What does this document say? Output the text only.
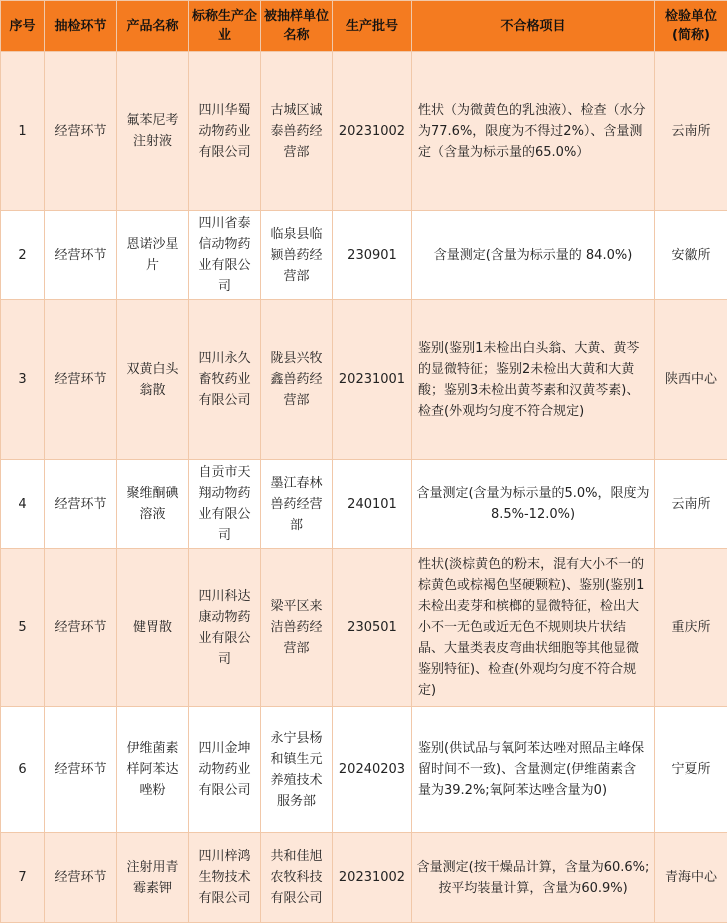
序号	抽检环节	产品名称	标称生产企业	被抽样单位名称	生产批号	不合格项目	检验单位(简称)
1	经营环节	氟苯尼考注射液	四川华蜀动物药业有限公司	古城区诚泰兽药经营部	20231002	性状（为微黄色的乳浊液）、检查（水分为77.6%，限度为不得过2%）、含量测定（含量为标示量的65.0%）	云南所
2	经营环节	恩诺沙星片	四川省泰信动物药业有限公司	临泉县临颍兽药经营部	230901	含量测定(含量为标示量的 84.0%)	安徽所
3	经营环节	双黄白头翁散	四川永久畜牧药业有限公司	陇县兴牧鑫兽药经营部	20231001	鉴别(鉴别1未检出白头翁、大黄、黄芩的显微特征；鉴别2未检出大黄和大黄酸；鉴别3未检出黄芩素和汉黄芩素)、检查(外观均匀度不符合规定)	陕西中心
4	经营环节	聚维酮碘溶液	自贡市天翔动物药业有限公司	墨江春林兽药经营部	240101	含量测定(含量为标示量的5.0%，限度为8.5%-12.0%)	云南所
5	经营环节	健胃散	四川科达康动物药业有限公司	梁平区来洁兽药经营部	230501	性状(淡棕黄色的粉末，混有大小不一的棕黄色或棕褐色坚硬颗粒)、鉴别(鉴别1未检出麦芽和槟榔的显微特征，检出大小不一无色或近无色不规则块片状结晶、大量类表皮弯曲状细胞等其他显微鉴别特征)、检查(外观均匀度不符合规定)	重庆所
6	经营环节	伊维菌素样阿苯达唑粉	四川金坤动物药业有限公司	永宁县杨和镇生元养殖技术服务部	20240203	鉴别(供试品与氧阿苯达唑对照品主峰保留时间不一致)、含量测定(伊维菌素含量为39.2%;氧阿苯达唑含量为0)	宁夏所
7	经营环节	注射用青霉素钾	四川梓鸿生物技术有限公司	共和佳旭农牧科技有限公司	20231002	含量测定(按干燥品计算，含量为60.6%;按平均装量计算，含量为60.9%)	青海中心
